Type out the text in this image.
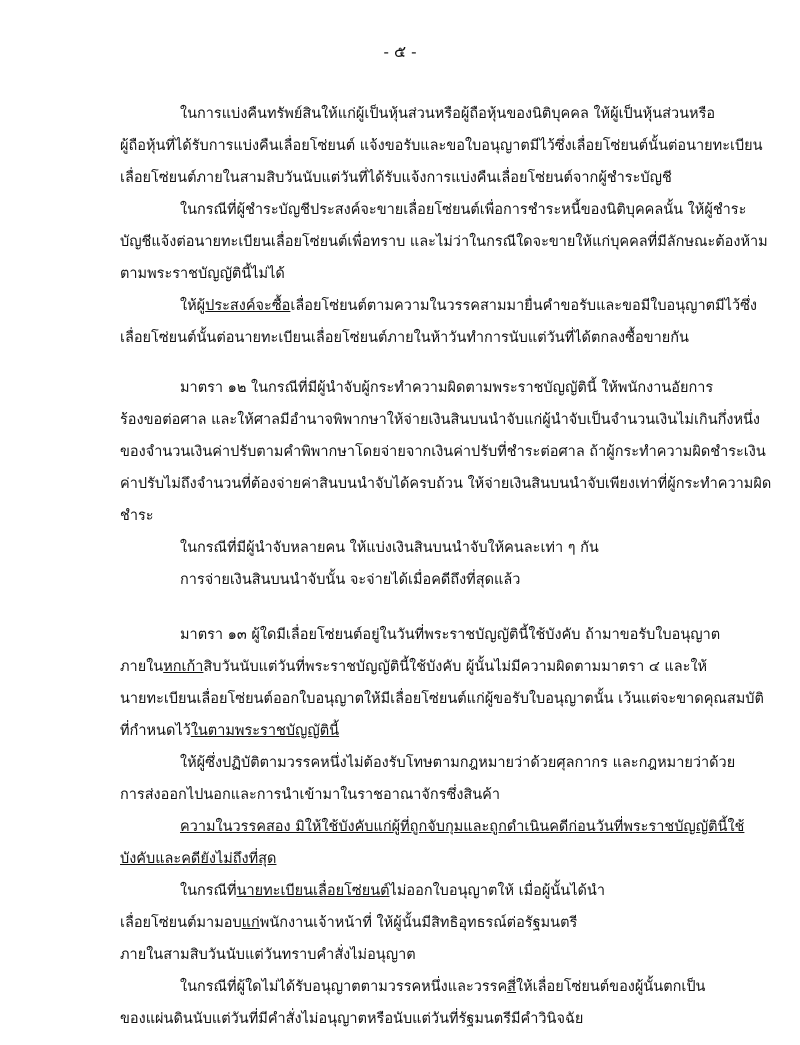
- ๕ -
ในการแบ่งคืนทรัพย์สินให้แก่ผู้เป็นหุ้นส่วนหรือผู้ถือหุ้นของนิติบุคคล ให้ผู้เป็นหุ้นส่วนหรือ
ผู้ถือหุ้นที่ได้รับการแบ่งคืนเลื่อยโซ่ยนต์ แจ้งขอรับและขอใบอนุญาตมีไว้ซึ่งเลื่อยโซ่ยนต์นั้นต่อนายทะเบียน
เลื่อยโซ่ยนต์ภายในสามสิบวันนับแต่วันที่ได้รับแจ้งการแบ่งคืนเลื่อยโซ่ยนต์จากผู้ชำระบัญชี
ในกรณีที่ผู้ชำระบัญชีประสงค์จะขายเลื่อยโซ่ยนต์เพื่อการชำระหนี้ของนิติบุคคลนั้น ให้ผู้ชำระ
บัญชีแจ้งต่อนายทะเบียนเลื่อยโซ่ยนต์เพื่อทราบ และไม่ว่าในกรณีใดจะขายให้แก่บุคคลที่มีลักษณะต้องห้าม
ตามพระราชบัญญัตินี้ไม่ได้
ให้ผู้ประสงค์จะซื้อเลื่อยโซ่ยนต์ตามความในวรรคสามมายื่นคำขอรับและขอมีใบอนุญาตมีไว้ซึ่ง
เลื่อยโซ่ยนต์นั้นต่อนายทะเบียนเลื่อยโซ่ยนต์ภายในห้าวันทำการนับแต่วันที่ได้ตกลงซื้อขายกัน
มาตรา ๑๒ ในกรณีที่มีผู้นำจับผู้กระทำความผิดตามพระราชบัญญัตินี้ ให้พนักงานอัยการ
ร้องขอต่อศาล และให้ศาลมีอำนาจพิพากษาให้จ่ายเงินสินบนนำจับแก่ผู้นำจับเป็นจำนวนเงินไม่เกินกึ่งหนึ่ง
ของจำนวนเงินค่าปรับตามคำพิพากษาโดยจ่ายจากเงินค่าปรับที่ชำระต่อศาล ถ้าผู้กระทำความผิดชำระเงิน
ค่าปรับไม่ถึงจำนวนที่ต้องจ่ายค่าสินบนนำจับได้ครบถ้วน ให้จ่ายเงินสินบนนำจับเพียงเท่าที่ผู้กระทำความผิด
ชำระ
ในกรณีที่มีผู้นำจับหลายคน ให้แบ่งเงินสินบนนำจับให้คนละเท่า ๆ กัน
การจ่ายเงินสินบนนำจับนั้น จะจ่ายได้เมื่อคดีถึงที่สุดแล้ว
มาตรา ๑๓ ผู้ใดมีเลื่อยโซ่ยนต์อยู่ในวันที่พระราชบัญญัตินี้ใช้บังคับ ถ้ามาขอรับใบอนุญาต
ภายในหกเก้าสิบวันนับแต่วันที่พระราชบัญญัตินี้ใช้บังคับ ผู้นั้นไม่มีความผิดตามมาตรา ๔ และให้
นายทะเบียนเลื่อยโซ่ยนต์ออกใบอนุญาตให้มีเลื่อยโซ่ยนต์แก่ผู้ขอรับใบอนุญาตนั้น เว้นแต่จะขาดคุณสมบัติ
ที่กำหนดไว้ในตามพระราชบัญญัตินี้
ให้ผู้ซึ่งปฏิบัติตามวรรคหนึ่งไม่ต้องรับโทษตามกฎหมายว่าด้วยศุลกากร และกฎหมายว่าด้วย
การส่งออกไปนอกและการนำเข้ามาในราชอาณาจักรซึ่งสินค้า
ความในวรรคสอง มิให้ใช้บังคับแก่ผู้ที่ถูกจับกุมและถูกดำเนินคดีก่อนวันที่พระราชบัญญัตินี้ใช้
บังคับและคดียังไม่ถึงที่สุด
ในกรณีที่นายทะเบียนเลื่อยโซ่ยนต์ไม่ออกใบอนุญาตให้ เมื่อผู้นั้นได้นำ
เลื่อยโซ่ยนต์มามอบแก่พนักงานเจ้าหน้าที่ ให้ผู้นั้นมีสิทธิอุทธรณ์ต่อรัฐมนตรี
ภายในสามสิบวันนับแต่วันทราบคำสั่งไม่อนุญาต
ในกรณีที่ผู้ใดไม่ได้รับอนุญาตตามวรรคหนึ่งและวรรคสี่ให้เลื่อยโซ่ยนต์ของผู้นั้นตกเป็น
ของแผ่นดินนับแต่วันที่มีคำสั่งไม่อนุญาตหรือนับแต่วันที่รัฐมนตรีมีคำวินิจฉัย
